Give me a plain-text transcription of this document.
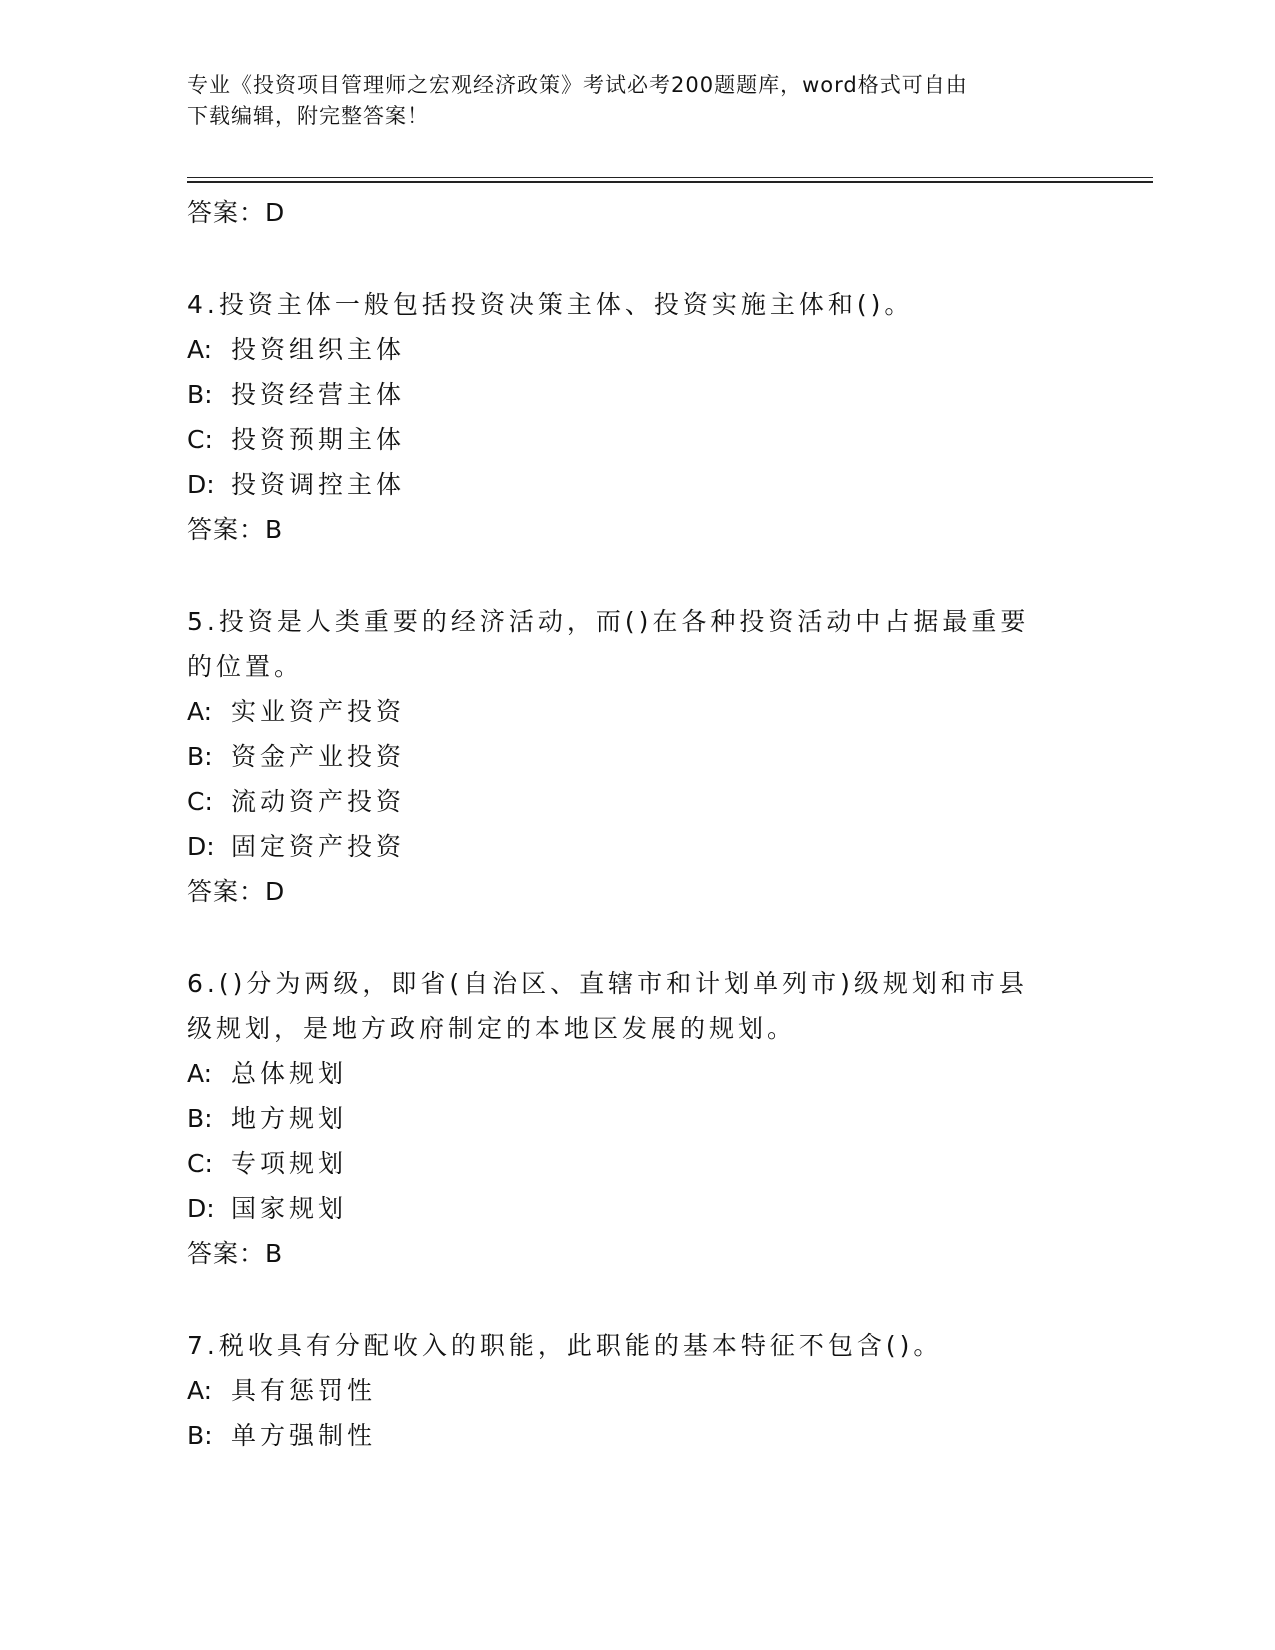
专业《投资项目管理师之宏观经济政策》考试必考200题题库，word格式可自由
下载编辑，附完整答案！
答案：D
4.投资主体一般包括投资决策主体、投资实施主体和()。
A: 投资组织主体
B: 投资经营主体
C: 投资预期主体
D: 投资调控主体
答案：B
5.投资是人类重要的经济活动，而()在各种投资活动中占据最重要的位置。
A: 实业资产投资
B: 资金产业投资
C: 流动资产投资
D: 固定资产投资
答案：D
6.()分为两级，即省(自治区、直辖市和计划单列市)级规划和市县级规划，是地方政府制定的本地区发展的规划。
A: 总体规划
B: 地方规划
C: 专项规划
D: 国家规划
答案：B
7.税收具有分配收入的职能，此职能的基本特征不包含()。
A: 具有惩罚性
B: 单方强制性
